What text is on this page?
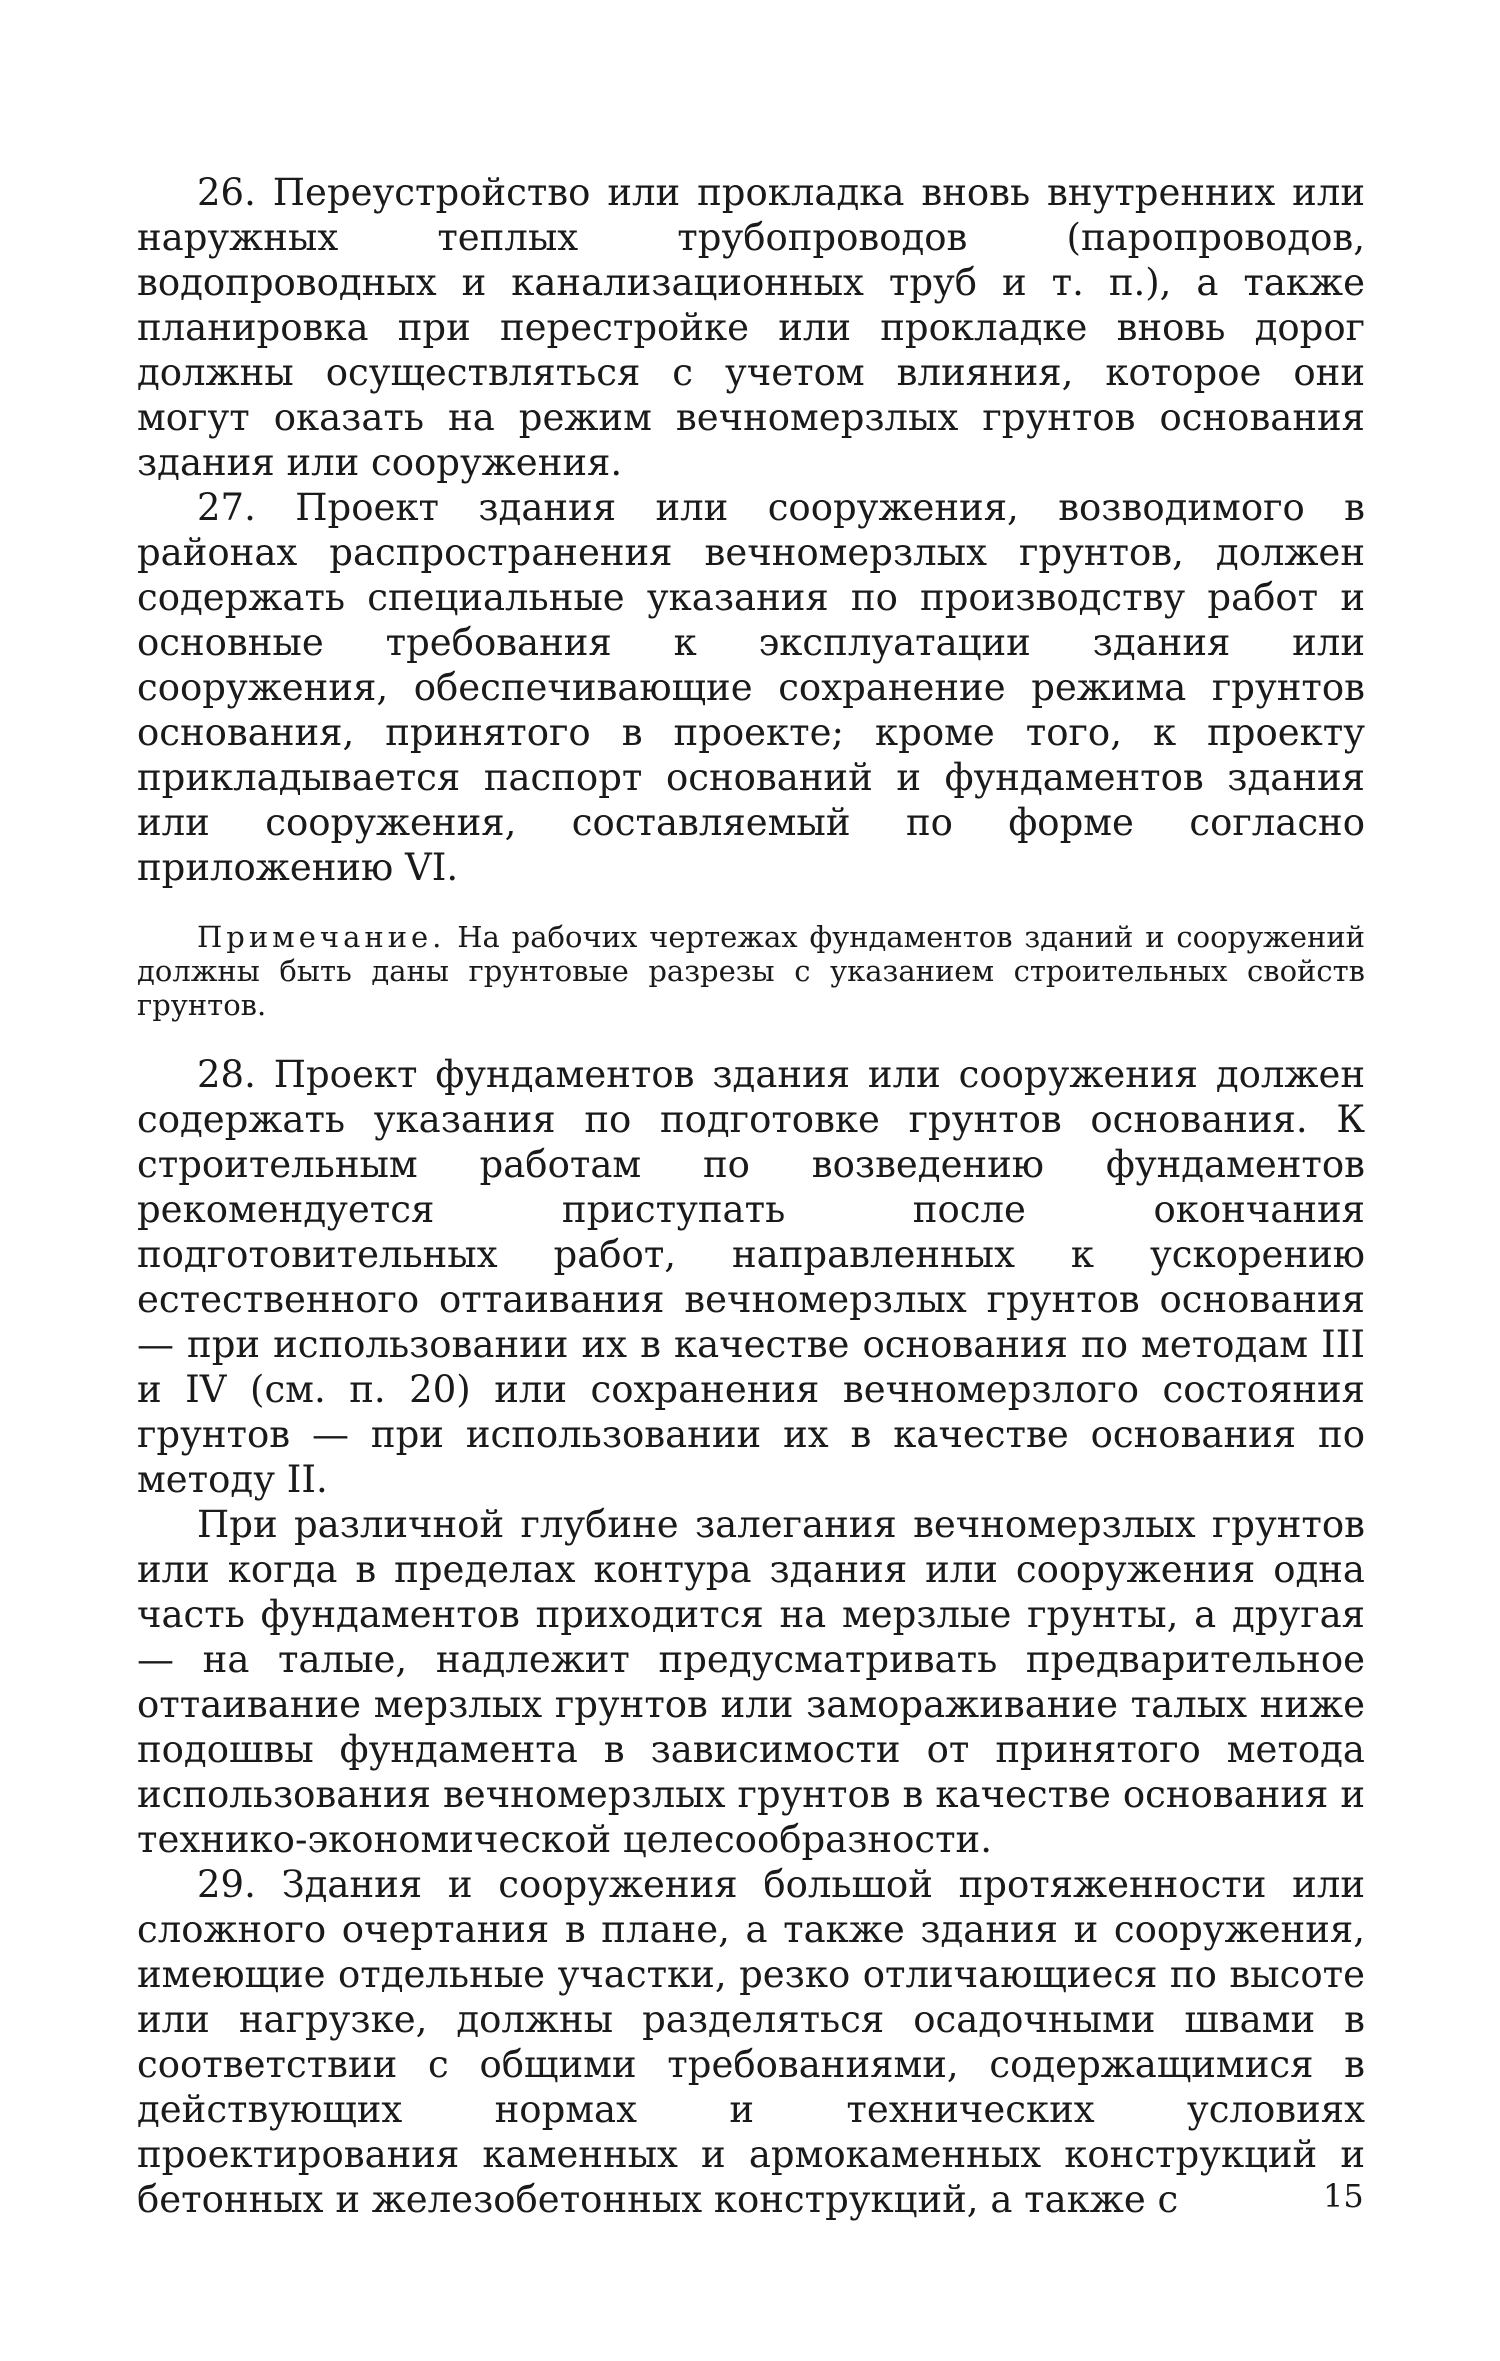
26. Переустройство или прокладка вновь внутренних или наружных теплых трубопроводов (паропроводов, водопроводных и канализационных труб и т. п.), а также планировка при перестройке или прокладке вновь дорог должны осуществляться с учетом влияния, которое они могут оказать на режим вечномерзлых грунтов основания здания или сооружения.

27. Проект здания или сооружения, возводимого в районах распространения вечномерзлых грунтов, должен содержать специальные указания по производству работ и основные требования к эксплуатации здания или сооружения, обеспечивающие сохранение режима грунтов основания, принятого в проекте; кроме того, к проекту прикладывается паспорт оснований и фундаментов здания или сооружения, составляемый по форме согласно приложению VI.

Примечание. На рабочих чертежах фундаментов зданий и сооружений должны быть даны грунтовые разрезы с указанием строительных свойств грунтов.

28. Проект фундаментов здания или сооружения должен содержать указания по подготовке грунтов основания. К строительным работам по возведению фундаментов рекомендуется приступать после окончания подготовительных работ, направленных к ускорению естественного оттаивания вечномерзлых грунтов основания — при использовании их в качестве основания по методам III и IV (см. п. 20) или сохранения вечномерзлого состояния грунтов — при использовании их в качестве основания по методу II.

При различной глубине залегания вечномерзлых грунтов или когда в пределах контура здания или сооружения одна часть фундаментов приходится на мерзлые грунты, а другая — на талые, надлежит предусматривать предварительное оттаивание мерзлых грунтов или замораживание талых ниже подошвы фундамента в зависимости от принятого метода использования вечномерзлых грунтов в качестве основания и технико-экономической целесообразности.

29. Здания и сооружения большой протяженности или сложного очертания в плане, а также здания и сооружения, имеющие отдельные участки, резко отличающиеся по высоте или нагрузке, должны разделяться осадочными швами в соответствии с общими требованиями, содержащимися в действующих нормах и технических условиях проектирования каменных и армокаменных конструкций и бетонных и железобетонных конструкций, а также с	15
